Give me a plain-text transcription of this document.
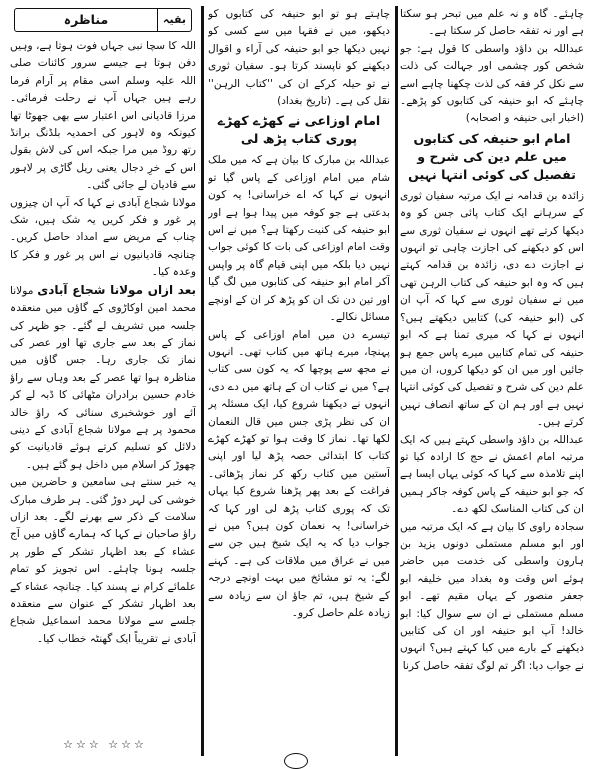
چاہئے۔ گاہ و نہ علم میں تبحر ہو سکتا ہے اور نہ تفقہ حاصل کر سکتا ہے۔

عبداللہ بن داؤد واسطی کا قول ہے: جو شخص کور چشمی اور جہالت کی ذلت سے نکل کر فقہ کی لذت چکھنا چاہے اسے چاہئے کہ ابو حنیفہ کی کتابوں کو پڑھے۔ (اخبار ابی حنیفہ و اصحابہ)

امام ابو حنیفہ کی کتابوں میں علم دین کی شرح و تفصیل کی کوئی انتہا نہیں

زائدہ بن قدامہ نے ایک مرتبہ سفیان ثوری کے سرہانے ایک کتاب پائی جس کو وہ دیکھا کرتے تھے انہوں نے سفیان ثوری سے اس کو دیکھنے کی اجازت چاہی تو انہوں نے اجازت دے دی، زائدہ بن قدامہ کہتے ہیں کہ وہ ابو حنیفہ کی کتاب الرہن تھی میں نے سفیان ثوری سے کہا کہ آپ ان کی (ابو حنیفہ کی) کتابیں دیکھتے ہیں؟ انہوں نے کہا کہ میری تمنا ہے کہ ابو حنیفہ کی تمام کتابیں میرے پاس جمع ہو جائیں اور میں ان کو دیکھا کروں، ان میں علم دین کی شرح و تفصیل کی کوئی انتہا نہیں ہے اور ہم ان کے ساتھ انصاف نہیں کرتے ہیں۔

عبداللہ بن داؤد واسطی کہتے ہیں کہ ایک مرتبہ امام اعمش نے حج کا ارادہ کیا تو اپنے تلامذہ سے کہا کہ کوئی یہاں ایسا ہے کہ جو ابو حنیفہ کے پاس کوفہ جاکر ہمیں ان کی کتاب المناسک لکھ دے۔

سجادہ راوی کا بیان ہے کہ ایک مرتبہ میں اور ابو مسلم مستملی دونوں یزید بن ہارون واسطی کی خدمت میں حاضر ہوئے اس وقت وہ بغداد میں خلیفہ ابو جعفر منصور کے یہاں مقیم تھے۔ ابو مسلم مستملی نے ان سے سوال کیا: ابو خالد! آپ ابو حنیفہ اور ان کی کتابیں دیکھنے کے بارے میں کیا کہتے ہیں؟ انہوں نے جواب دیا: اگر تم لوگ تفقہ حاصل کرنا

چاہتے ہو تو ابو حنیفہ کی کتابوں کو دیکھو، میں نے فقہا میں سے کسی کو نہیں دیکھا جو ابو حنیفہ کی آراء و اقوال دیکھنے کو ناپسند کرتا ہو۔ سفیان ثوری نے تو حیلہ کرکے ان کی ''کتاب الرہن'' نقل کی ہے۔ (تاریخ بغداد)

امام اوزاعی نے کھڑے کھڑے پوری کتاب پڑھ لی

عبداللہ بن مبارک کا بیان ہے کہ میں ملک شام میں امام اوزاعی کے پاس گیا تو انہوں نے کہا کہ اے خراسانی! یہ کون بدعتی ہے جو کوفہ میں پیدا ہوا ہے اور ابو حنیفہ کی کنیت رکھتا ہے؟ میں نے اس وقت امام اوزاعی کی بات کا کوئی جواب نہیں دیا بلکہ میں اپنی قیام گاہ پر واپس آکر امام ابو حنیفہ کی کتابوں میں لگ گیا اور تین دن تک ان کو پڑھ کر ان کے اونچے مسائل نکالے۔

تیسرے دن میں امام اوزاعی کے پاس پہنچا، میرے ہاتھ میں کتاب تھی۔ انہوں نے مجھ سے پوچھا کہ یہ کون سی کتاب ہے؟ میں نے کتاب ان کے ہاتھ میں دے دی، انہوں نے دیکھنا شروع کیا، ایک مسئلہ پر ان کی نظر پڑی جس میں قال النعمان لکھا تھا۔ نماز کا وقت ہوا تو کھڑے کھڑے کتاب کا ابتدائی حصہ پڑھ لیا اور اپنی آستین میں کتاب رکھ کر نماز پڑھائی۔ فراغت کے بعد پھر پڑھنا شروع کیا یہاں تک کہ پوری کتاب پڑھ لی اور کہا کہ خراسانی! یہ نعمان کون ہیں؟ میں نے جواب دیا کہ یہ ایک شیخ ہیں جن سے میں نے عراق میں ملاقات کی ہے۔ کہنے لگے: یہ تو مشائخ میں بہت اونچے درجہ کے شیخ ہیں، تم جاؤ ان سے زیادہ سے زیادہ علم حاصل کرو۔

بقیہ
مناظرہ

اللہ کا سچا نبی جہاں فوت ہوتا ہے، وہیں دفن ہوتا ہے جیسے سرور کائنات صلی اللہ علیہ وسلم اسی مقام پر آرام فرما رہے ہیں جہاں آپ نے رحلت فرمائی۔ مرزا قادیانی اس اعتبار سے بھی جھوٹا تھا کیونکہ وہ لاہور کی احمدیہ بلڈنگ برانڈ رتھ روڈ میں مرا جبکہ اس کی لاش بقول اس کے خرِ دجال یعنی ریل گاڑی پر لاہور سے قادیان لے جائی گئی۔

مولانا شجاع آبادی نے کہا کہ آپ ان چیزوں پر غور و فکر کریں یہ شک ہیں، شک چناب کے مریض سے امداد حاصل کریں۔ چنانچہ قادیانیوں نے اس پر غور و فکر کا وعدہ کیا۔

بعد ازاں مولانا شجاع آبادی مولانا محمد امین اوکاڑوی کے گاؤں میں منعقدہ جلسہ میں تشریف لے گئے۔ جو ظہر کی نماز کے بعد سے جاری تھا اور عصر کی نماز تک جاری رہا۔ جس گاؤں میں مناظرہ ہوا تھا عصر کے بعد وہاں سے راؤ خادم حسین برادران مٹھائی کا ڈبہ لے کر آئے اور خوشخبری سنائی کہ راؤ خالد محمود پر ہے مولانا شجاع آبادی کے دینی دلائل کو تسلیم کرتے ہوئے قادیانیت کو چھوڑ کر اسلام میں داخل ہو گئے ہیں۔

یہ خبر سنتے ہی سامعین و حاضرین میں خوشی کی لہر دوڑ گئی۔ ہر طرف مبارک سلامت کے ذکر سے بھرنے لگے۔ بعد ازاں راؤ صاحبان نے کہا کہ ہمارے گاؤں میں آج عشاء کے بعد اظہار تشکر کے طور پر جلسہ ہونا چاہئے۔ اس تجویز کو تمام علمائے کرام نے پسند کیا۔ چنانچہ عشاء کے بعد اظہار تشکر کے عنوان سے منعقدہ جلسے سے مولانا محمد اسماعیل شجاع آبادی نے تقریباً ایک گھنٹہ خطاب کیا۔

☆☆☆ ☆☆☆
